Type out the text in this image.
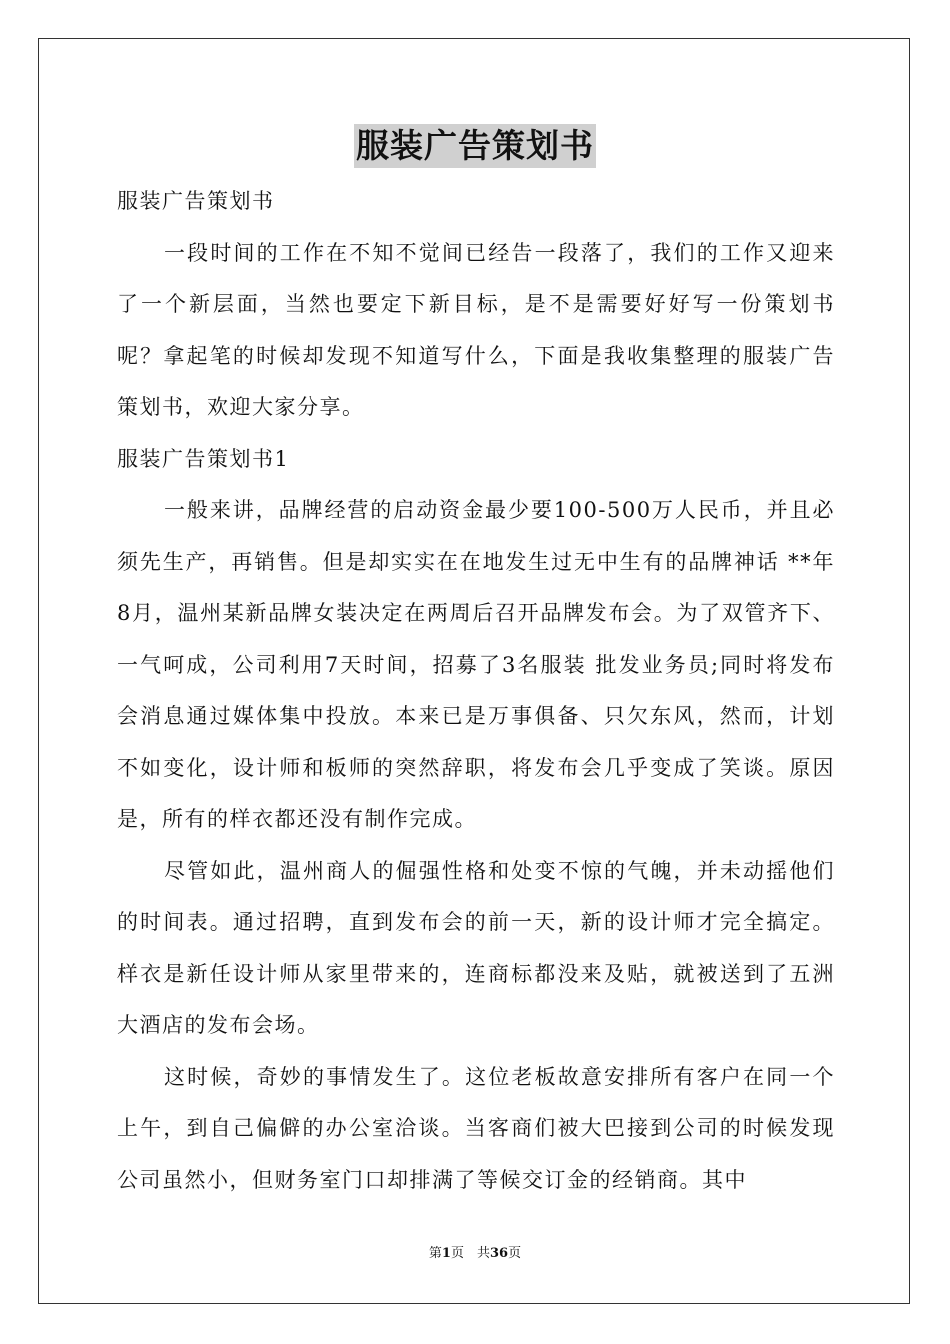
服装广告策划书

服装广告策划书

一段时间的工作在不知不觉间已经告一段落了，我们的工作又迎来了一个新层面，当然也要定下新目标，是不是需要好好写一份策划书呢？拿起笔的时候却发现不知道写什么，下面是我收集整理的服装广告策划书，欢迎大家分享。

服装广告策划书1

一般来讲，品牌经营的启动资金最少要100-500万人民币，并且必须先生产，再销售。但是却实实在在地发生过无中生有的品牌神话 **年8月，温州某新品牌女装决定在两周后召开品牌发布会。为了双管齐下、一气呵成，公司利用7天时间，招募了3名服装 批发业务员;同时将发布会消息通过媒体集中投放。本来已是万事俱备、只欠东风，然而，计划不如变化，设计师和板师的突然辞职，将发布会几乎变成了笑谈。原因是，所有的样衣都还没有制作完成。

尽管如此，温州商人的倔强性格和处变不惊的气魄，并未动摇他们的时间表。通过招聘，直到发布会的前一天，新的设计师才完全搞定。样衣是新任设计师从家里带来的，连商标都没来及贴，就被送到了五洲大酒店的发布会场。

这时候，奇妙的事情发生了。这位老板故意安排所有客户在同一个上午，到自己偏僻的办公室洽谈。当客商们被大巴接到公司的时候发现公司虽然小，但财务室门口却排满了等候交订金的经销商。其中

第1页　共36页
